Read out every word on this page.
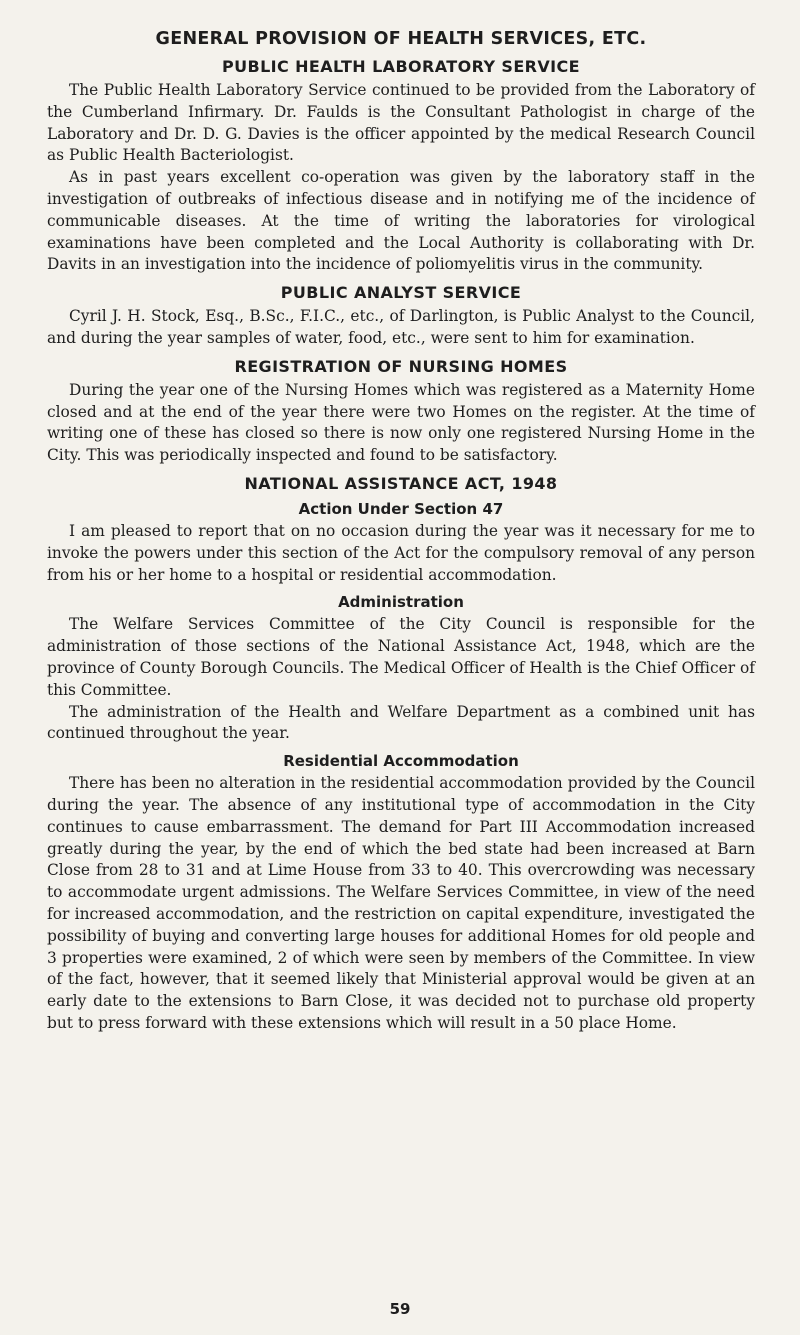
GENERAL PROVISION OF HEALTH SERVICES, ETC.
PUBLIC HEALTH LABORATORY SERVICE

The Public Health Laboratory Service continued to be provided from the Laboratory of the Cumberland Infirmary. Dr. Faulds is the Consultant Pathologist in charge of the Laboratory and Dr. D. G. Davies is the officer appointed by the medical Research Council as Public Health Bacteriologist.

As in past years excellent co-operation was given by the laboratory staff in the investigation of outbreaks of infectious disease and in notifying me of the incidence of communicable diseases. At the time of writing the laboratories for virological examinations have been completed and the Local Authority is collaborating with Dr. Davits in an investigation into the incidence of poliomyelitis virus in the community.

PUBLIC ANALYST SERVICE

Cyril J. H. Stock, Esq., B.Sc., F.I.C., etc., of Darlington, is Public Analyst to the Council, and during the year samples of water, food, etc., were sent to him for examination.

REGISTRATION OF NURSING HOMES

During the year one of the Nursing Homes which was registered as a Maternity Home closed and at the end of the year there were two Homes on the register. At the time of writing one of these has closed so there is now only one registered Nursing Home in the City. This was periodically inspected and found to be satisfactory.

NATIONAL ASSISTANCE ACT, 1948
Action Under Section 47

I am pleased to report that on no occasion during the year was it necessary for me to invoke the powers under this section of the Act for the compulsory removal of any person from his or her home to a hospital or residential accommodation.

Administration

The Welfare Services Committee of the City Council is responsible for the administration of those sections of the National Assistance Act, 1948, which are the province of County Borough Councils. The Medical Officer of Health is the Chief Officer of this Committee.

The administration of the Health and Welfare Department as a combined unit has continued throughout the year.

Residential Accommodation

There has been no alteration in the residential accommodation provided by the Council during the year. The absence of any institutional type of accommodation in the City continues to cause embarrassment. The demand for Part III Accommodation increased greatly during the year, by the end of which the bed state had been increased at Barn Close from 28 to 31 and at Lime House from 33 to 40. This overcrowding was necessary to accommodate urgent admissions. The Welfare Services Committee, in view of the need for increased accommodation, and the restriction on capital expenditure, investigated the possibility of buying and converting large houses for additional Homes for old people and 3 properties were examined, 2 of which were seen by members of the Committee. In view of the fact, however, that it seemed likely that Ministerial approval would be given at an early date to the extensions to Barn Close, it was decided not to purchase old property but to press forward with these extensions which will result in a 50 place Home.

59
